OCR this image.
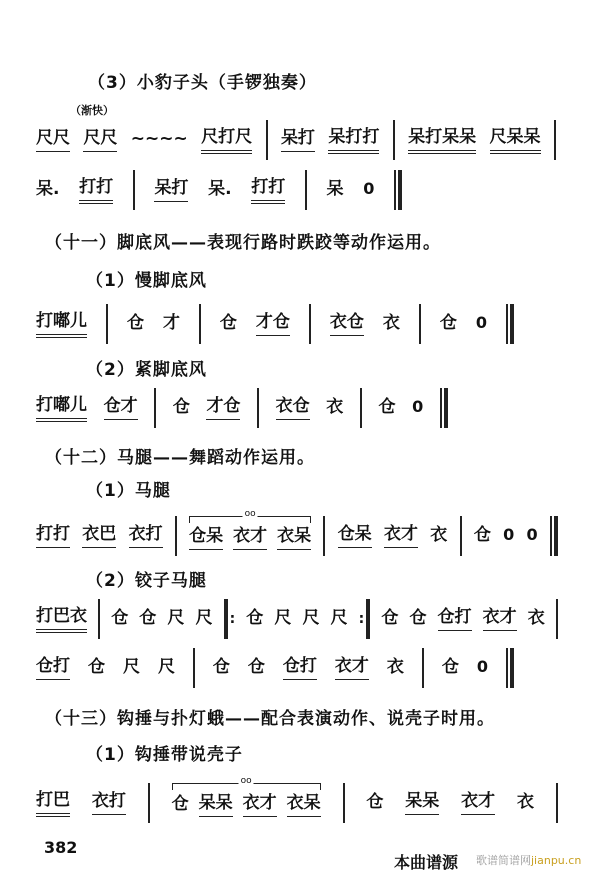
（3）小豹子头（手锣独奏）
（渐快）
尺尺 尺尺 ~~~~ 尺打尺 呆打 呆打打 呆打呆呆 尺呆呆
呆. 打打 呆打 呆. 打打 呆 0
（十一）脚底风——表现行路时跌跤等动作运用。
（1）慢脚底风
打嘟儿 仓 才 仓 才仓 衣仓 衣 仓 0
（2）紧脚底风
打嘟儿 仓才 仓 才仓 衣仓 衣 仓 0
（十二）马腿——舞蹈动作运用。
（1）马腿
打打 衣巴 衣打
oo
仓呆 衣才 衣呆 仓呆 衣才 衣 仓 0 0
（2）铰子马腿
打巴衣 仓 仓 尺 尺 : 仓 尺 尺 尺 : 仓 仓 仓打 衣才 衣
仓打 仓 尺 尺 仓 仓 仓打 衣才 衣 仓 0
（十三）钩捶与扑灯蛾——配合表演动作、说壳子时用。
（1）钩捶带说壳子
打巴 衣打
oo
仓 呆呆 衣才 衣呆	仓 呆呆 衣才 衣
382
本曲谱源 歌谱简谱网jianpu.cn
